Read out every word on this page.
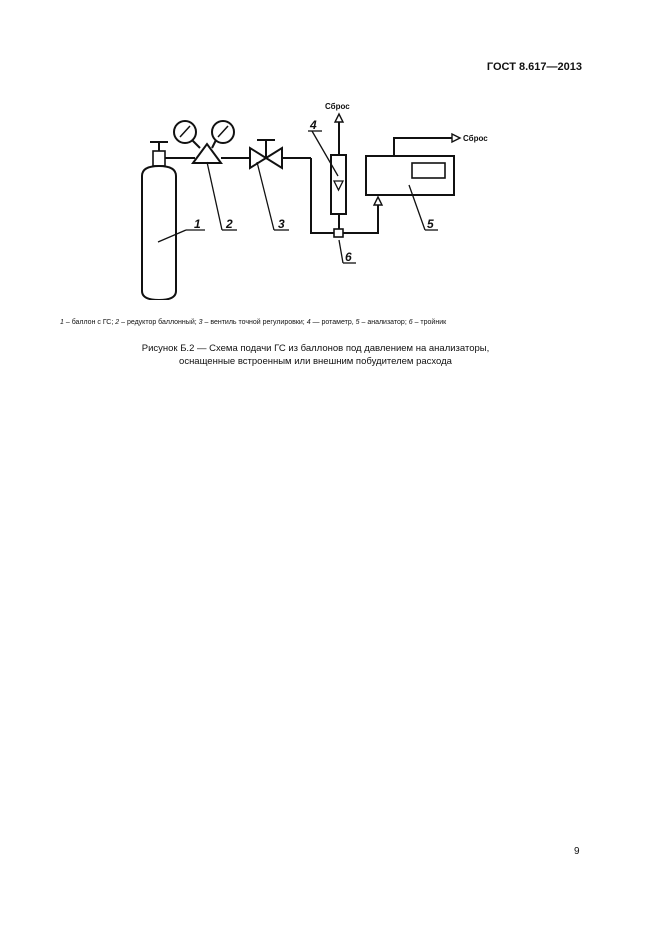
ГОСТ 8.617—2013
1 2	3
4
5
6
Сброс
Сброс
1 – баллон с ГС; 2 – редуктор баллонный; 3 – вентиль точной регулировки; 4 — ротаметр, 5 – анализатор; 6 – тройник
Рисунок Б.2 — Схема подачи ГС из баллонов под давлением на анализаторы,
оснащенные встроенным или внешним побудителем расхода
9
